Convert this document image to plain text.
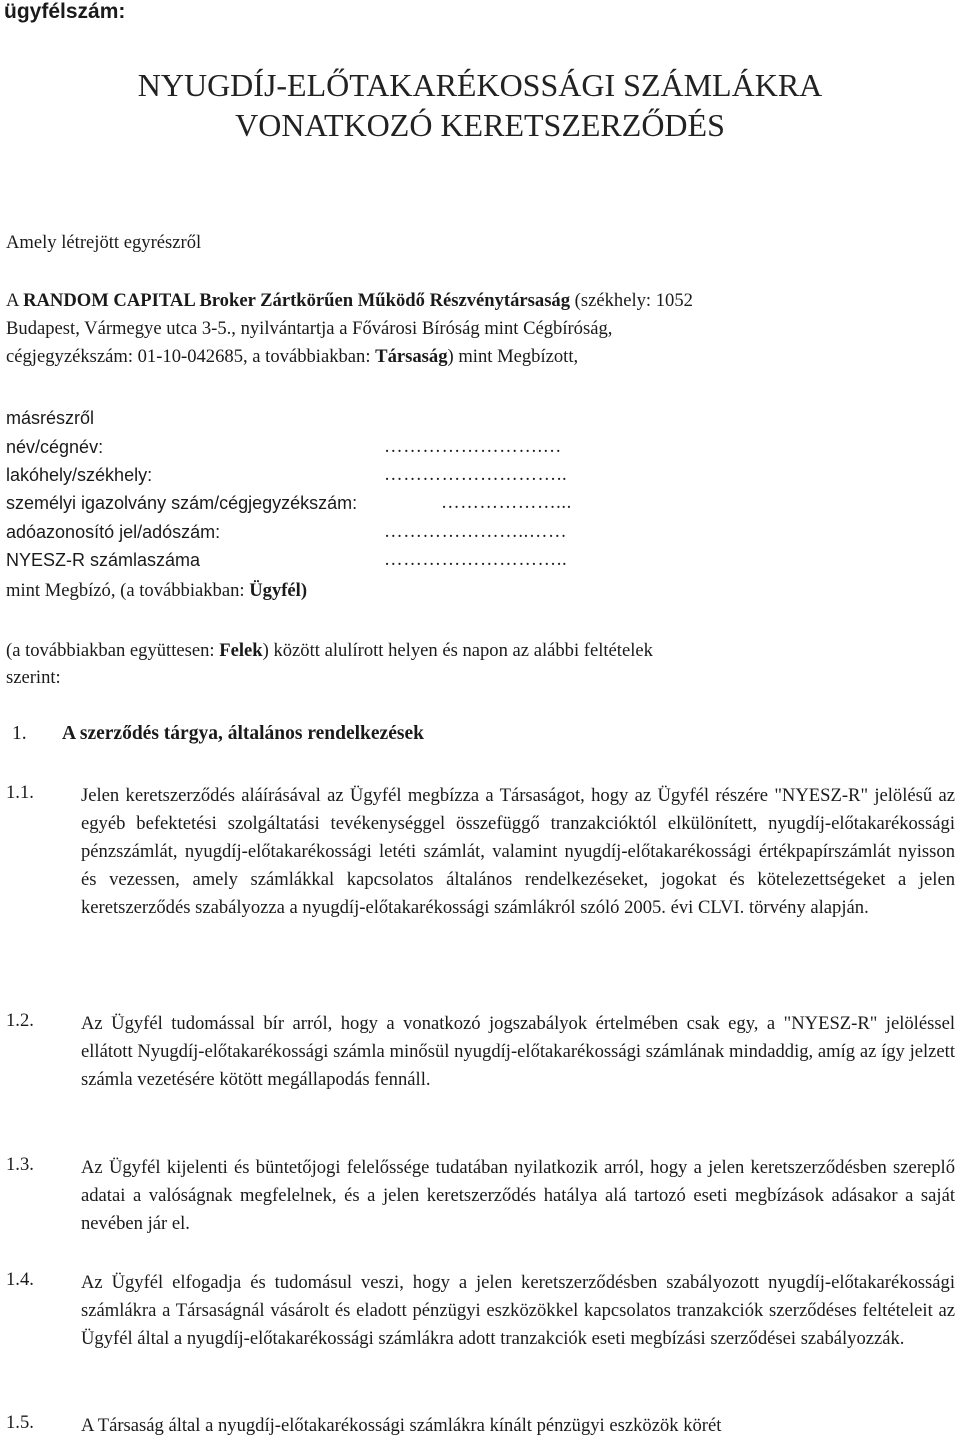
ügyfélszám:
NYUGDÍJ-ELŐTAKARÉKOSSÁGI SZÁMLÁKRA
VONATKOZÓ KERETSZERZŐDÉS
Amely létrejött egyrészről
A RANDOM CAPITAL Broker Zártkörűen Működő Részvénytársaság (székhely: 1052
Budapest, Vármegye utca 3-5., nyilvántartja a Fővárosi Bíróság mint Cégbíróság,
cégjegyzékszám: 01-10-042685, a továbbiakban: Társaság) mint Megbízott,
másrészről
név/cégnév:	…………………….…
lakóhely/székhely:	………………………..
személyi igazolvány szám/cégjegyzékszám:	………………...
adóazonosító jel/adószám:	…………………..……
NYESZ-R számlaszáma	………………………..
mint Megbízó, (a továbbiakban: Ügyfél)
(a továbbiakban együttesen: Felek) között alulírott helyen és napon az alábbi feltételek
szerint:
1. A szerződés tárgya, általános rendelkezések
1.1.	Jelen keretszerződés aláírásával az Ügyfél megbízza a Társaságot, hogy az Ügyfél részére "NYESZ-R" jelölésű az egyéb befektetési szolgáltatási tevékenységgel összefüggő tranzakcióktól elkülönített, nyugdíj-előtakarékossági pénzszámlát, nyugdíj-előtakarékossági letéti számlát, valamint nyugdíj-előtakarékossági értékpapírszámlát nyisson és vezessen, amely számlákkal kapcsolatos általános rendelkezéseket, jogokat és kötelezettségeket a jelen keretszerződés szabályozza a nyugdíj-előtakarékossági számlákról szóló 2005. évi CLVI. törvény alapján.
1.2.	Az Ügyfél tudomással bír arról, hogy a vonatkozó jogszabályok értelmében csak egy, a "NYESZ-R" jelöléssel ellátott Nyugdíj-előtakarékossági számla minősül nyugdíj-előtakarékossági számlának mindaddig, amíg az így jelzett számla vezetésére kötött megállapodás fennáll.
1.3.	Az Ügyfél kijelenti és büntetőjogi felelőssége tudatában nyilatkozik arról, hogy a jelen keretszerződésben szereplő adatai a valóságnak megfelelnek, és a jelen keretszerződés hatálya alá tartozó eseti megbízások adásakor a saját nevében jár el.
1.4.	Az Ügyfél elfogadja és tudomásul veszi, hogy a jelen keretszerződésben szabályozott nyugdíj-előtakarékossági számlákra a Társaságnál vásárolt és eladott pénzügyi eszközökkel kapcsolatos tranzakciók szerződéses feltételeit az Ügyfél által a nyugdíj-előtakarékossági számlákra adott tranzakciók eseti megbízási szerződései szabályozzák.
1.5.	A Társaság által a nyugdíj-előtakarékossági számlákra kínált pénzügyi eszközök körét
